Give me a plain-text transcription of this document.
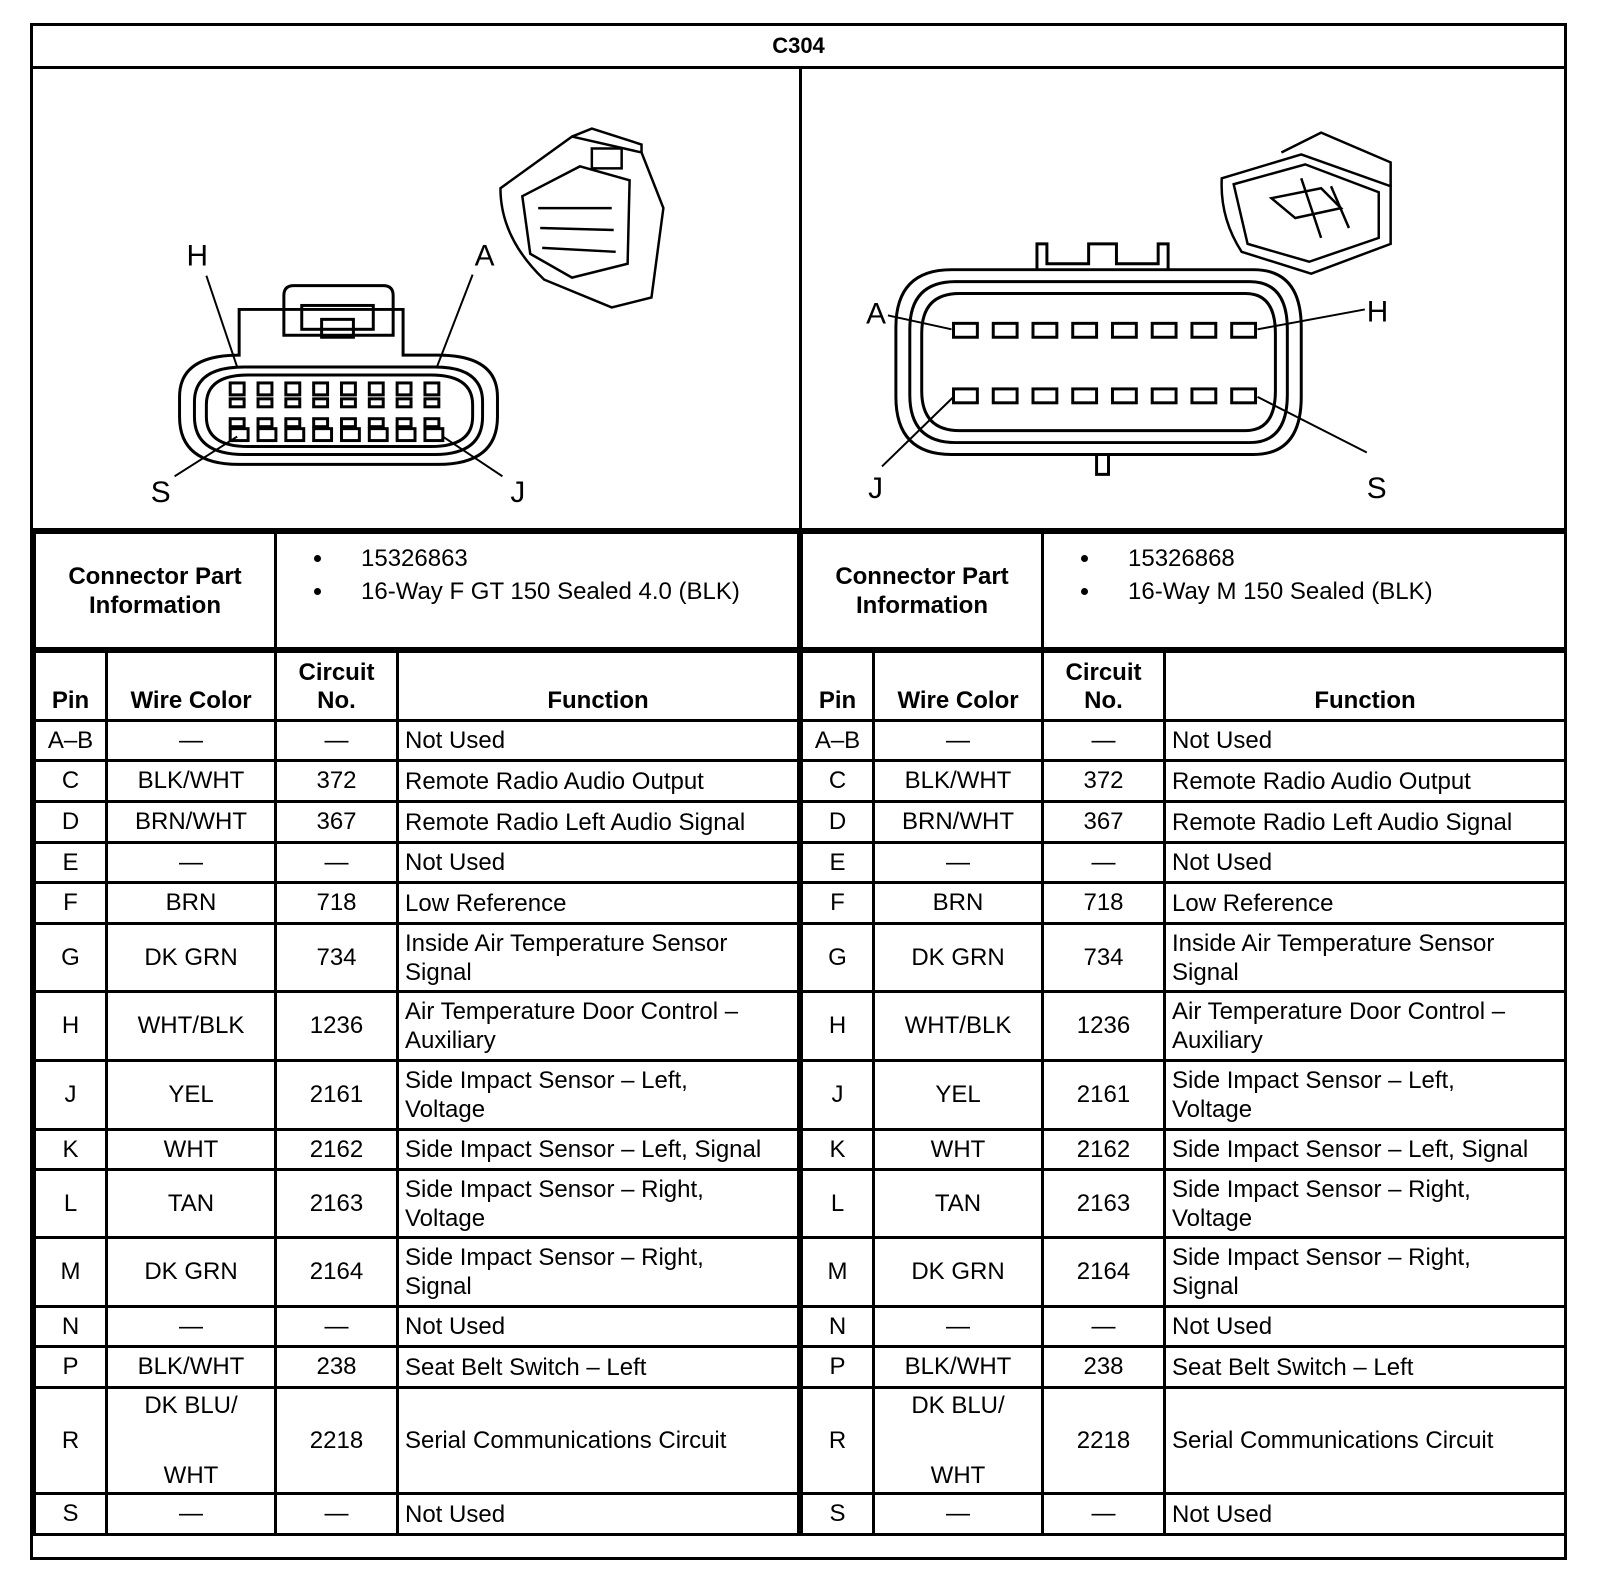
C304
H	A
S	J
A	H
J	S
Connector Part
Information

• 15326863
• 16-Way F GT 150 Sealed 4.0 (BLK)
Pin	Wire Color	Circuit
No.	Function

A–B	—	—	Not Used

C	BLK/WHT	372	Remote Radio Audio Output

D	BRN/WHT	367	Remote Radio Left Audio Signal

E	—	—	Not Used

F	BRN	718	Low Reference

G	DK GRN	734	Inside Air Temperature Sensor
Signal

H	WHT/BLK	1236	Air Temperature Door Control –
Auxiliary

J	YEL	2161	Side Impact Sensor – Left,
Voltage

K	WHT	2162	Side Impact Sensor – Left, Signal

L	TAN	2163	Side Impact Sensor – Right,
Voltage

M	DK GRN	2164	Side Impact Sensor – Right,
Signal

N	—	—	Not Used

P	BLK/WHT	238	Seat Belt Switch – Left

R	DK BLU/
WHT	2218	Serial Communications Circuit

S	—	—	Not Used
Connector Part
Information

• 15326868
• 16-Way M 150 Sealed (BLK)
Pin	Wire Color	Circuit
No.	Function

A–B	—	—	Not Used

C	BLK/WHT	372	Remote Radio Audio Output

D	BRN/WHT	367	Remote Radio Left Audio Signal

E	—	—	Not Used

F	BRN	718	Low Reference

G	DK GRN	734	Inside Air Temperature Sensor
Signal

H	WHT/BLK	1236	Air Temperature Door Control –
Auxiliary

J	YEL	2161	Side Impact Sensor – Left,
Voltage

K	WHT	2162	Side Impact Sensor – Left, Signal

L	TAN	2163	Side Impact Sensor – Right,
Voltage

M	DK GRN	2164	Side Impact Sensor – Right,
Signal

N	—	—	Not Used

P	BLK/WHT	238	Seat Belt Switch – Left

R	DK BLU/
WHT	2218	Serial Communications Circuit

S	—	—	Not Used
